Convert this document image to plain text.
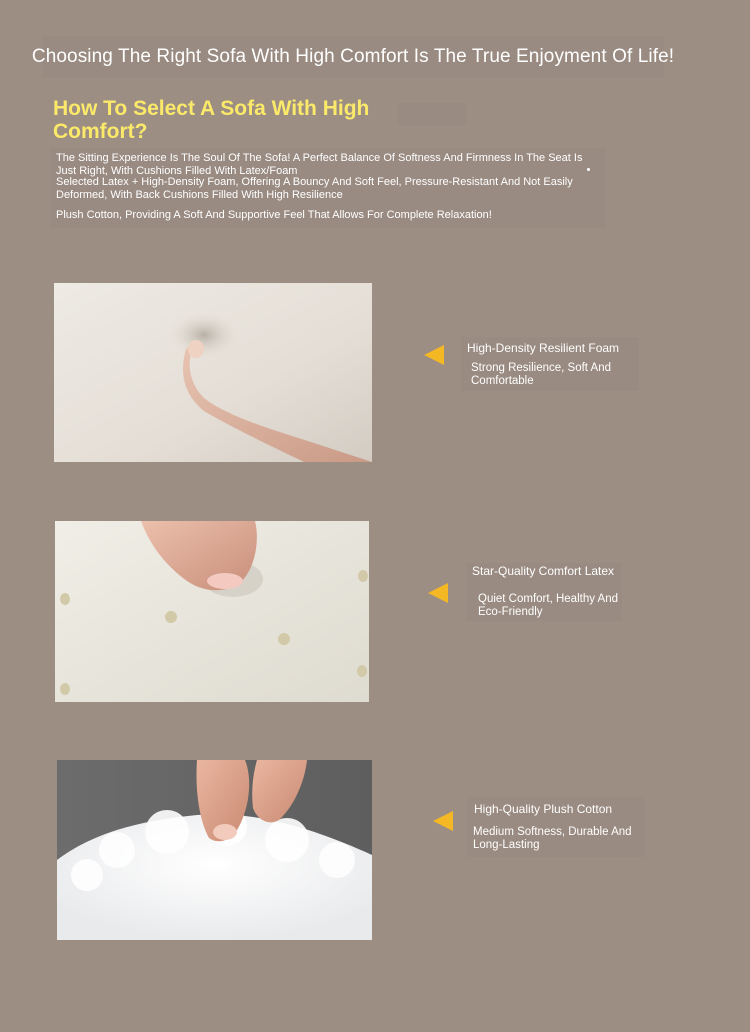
Choosing The Right Sofa With High Comfort Is The True Enjoyment Of Life!
How To Select A Sofa With High Comfort?
The Sitting Experience Is The Soul Of The Sofa! A Perfect Balance Of Softness And Firmness In The Seat Is Just Right, With Cushions Filled With Latex/Foam
Selected Latex + High-Density Foam, Offering A Bouncy And Soft Feel, Pressure-Resistant And Not Easily Deformed, With Back Cushions Filled With High Resilience
Plush Cotton, Providing A Soft And Supportive Feel That Allows For Complete Relaxation!
High-Density Resilient Foam
Strong Resilience, Soft And Comfortable
Star-Quality Comfort Latex
Quiet Comfort, Healthy And Eco-Friendly
High-Quality Plush Cotton
Medium Softness, Durable And Long-Lasting
